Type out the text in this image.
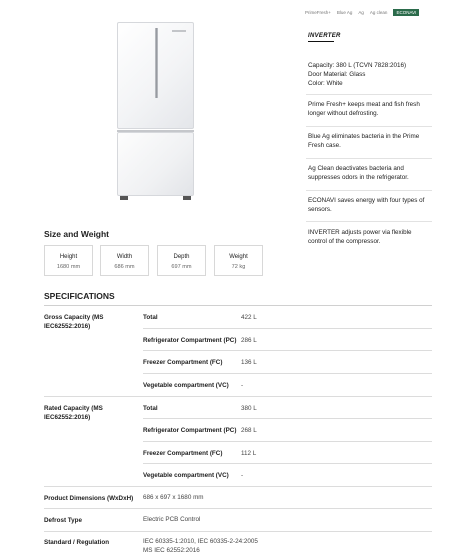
PrimeFresh+ Blue Ag Ag Ag clean	ECONAVI
INVERTER
Capacity: 380 L (TCVN 7828:2016)
Door Material: Glass
Color: White
Prime Fresh+ keeps meat and fish fresh longer without defrosting.
Blue Ag eliminates bacteria in the Prime Fresh case.
Ag Clean deactivates bacteria and suppresses odors in the refrigerator.
ECONAVI saves energy with four types of sensors.
INVERTER adjusts power via flexible control of the compressor.
Size and Weight
Height
1680 mm
Width
686 mm
Depth
697 mm
Weight
72 kg
SPECIFICATIONS
Gross Capacity (MS IEC62552:2016)
Total	422 L
Refrigerator Compartment (PC) 286 L
Freezer Compartment (FC)	136 L
Vegetable compartment (VC) -
Rated Capacity (MS IEC62552:2016)
Total	380 L
Refrigerator Compartment (PC) 268 L
Freezer Compartment (FC)	112 L
Vegetable compartment (VC) -
Product Dimensions (WxDxH)	686 x 697 x 1680 mm
Defrost Type	Electric PCB Control
Standard / Regulation	IEC 60335-1:2010, IEC 60335-2-24:2005
MS IEC 62552:2016
